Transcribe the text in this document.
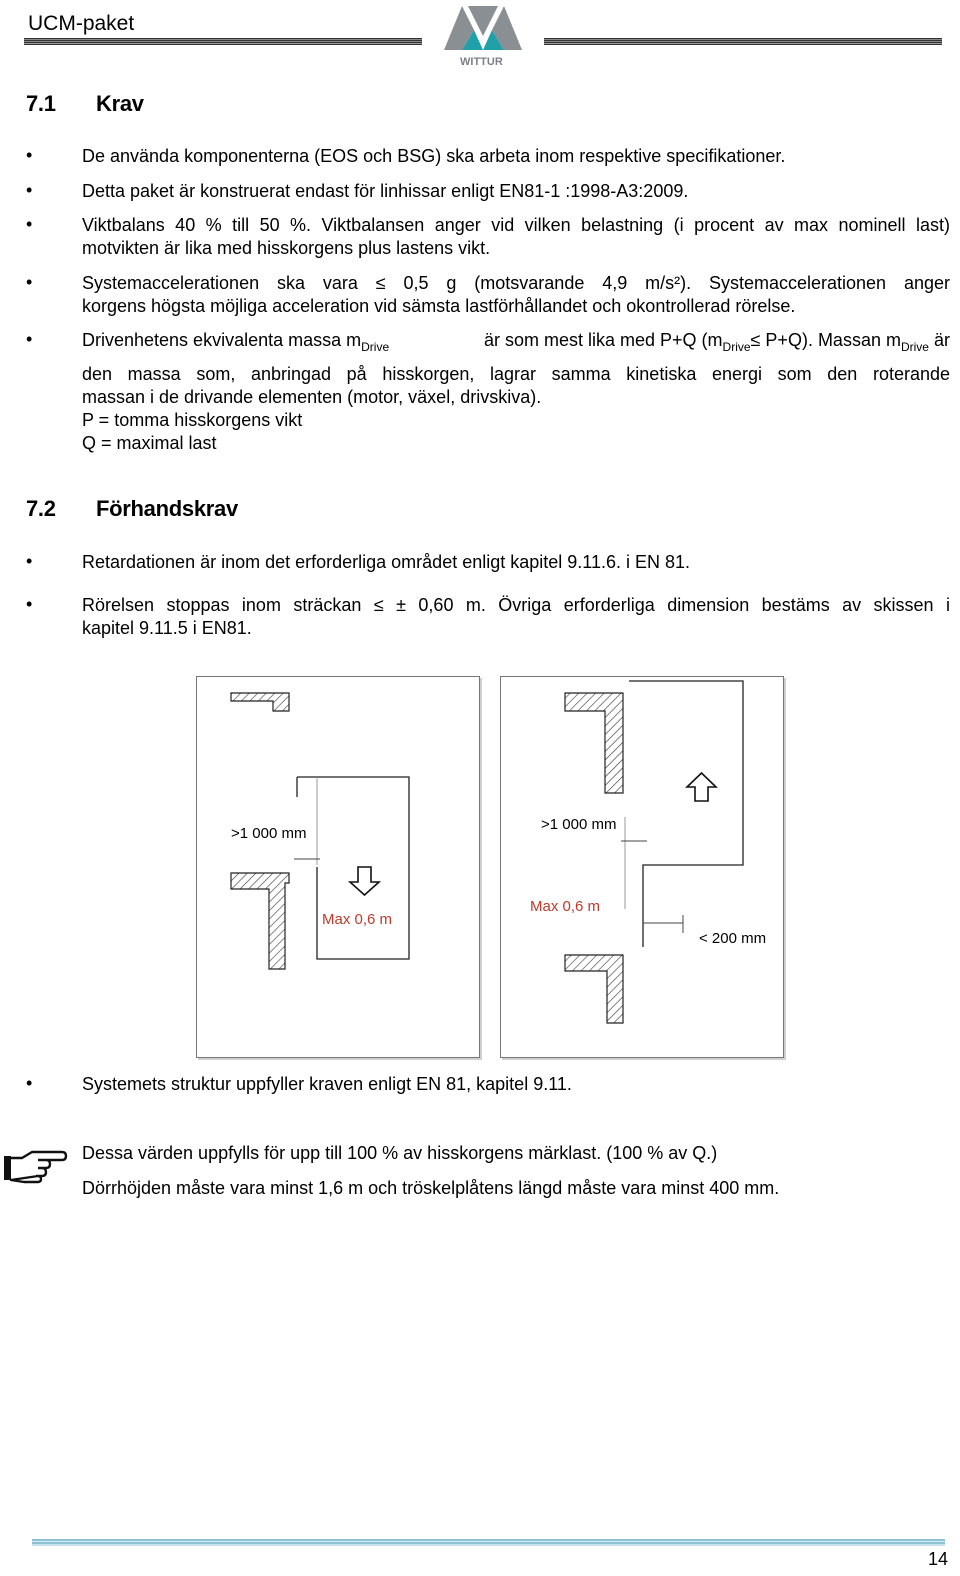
UCM-paket
WITTUR
7.1 Krav
•	De använda komponenterna (EOS och BSG) ska arbeta inom respektive specifikationer.
•	Detta paket är konstruerat endast för linhissar enligt EN81-1 :1998-A3:2009.
•	Viktbalans 40 % till 50 %. Viktbalansen anger vid vilken belastning (i procent av max nominell last)
motvikten är lika med hisskorgens plus lastens vikt.
•	Systemaccelerationen ska vara ≤ 0,5 g (motsvarande 4,9 m/s²). Systemaccelerationen anger
korgens högsta möjliga acceleration vid sämsta lastförhållandet och okontrollerad rörelse.
•	Drivenhetens ekvivalenta massa $m_{Drive}$	är som mest lika med P+Q $(m_{Drive}\le P+Q)$. Massan $m_{Drive}$ är
den massa som, anbringad på hisskorgen, lagrar samma kinetiska energi som den roterande
massan i de drivande elementen (motor, växel, drivskiva).
P = tomma hisskorgens vikt
Q = maximal last
7.2 Förhandskrav
•	Retardationen är inom det erforderliga området enligt kapitel 9.11.6. i EN 81.
•	Rörelsen stoppas inom sträckan ≤ ± 0,60 m. Övriga erforderliga dimension bestäms av skissen i
kapitel 9.11.5 i EN81.
>1 000 mm
Max 0,6 m
>1 000 mm
Max 0,6 m
< 200 mm
•	Systemets struktur uppfyller kraven enligt EN 81, kapitel 9.11.
Dessa värden uppfylls för upp till 100 % av hisskorgens märklast. (100 % av Q.)
Dörrhöjden måste vara minst 1,6 m och tröskelplåtens längd måste vara minst 400 mm.
14
